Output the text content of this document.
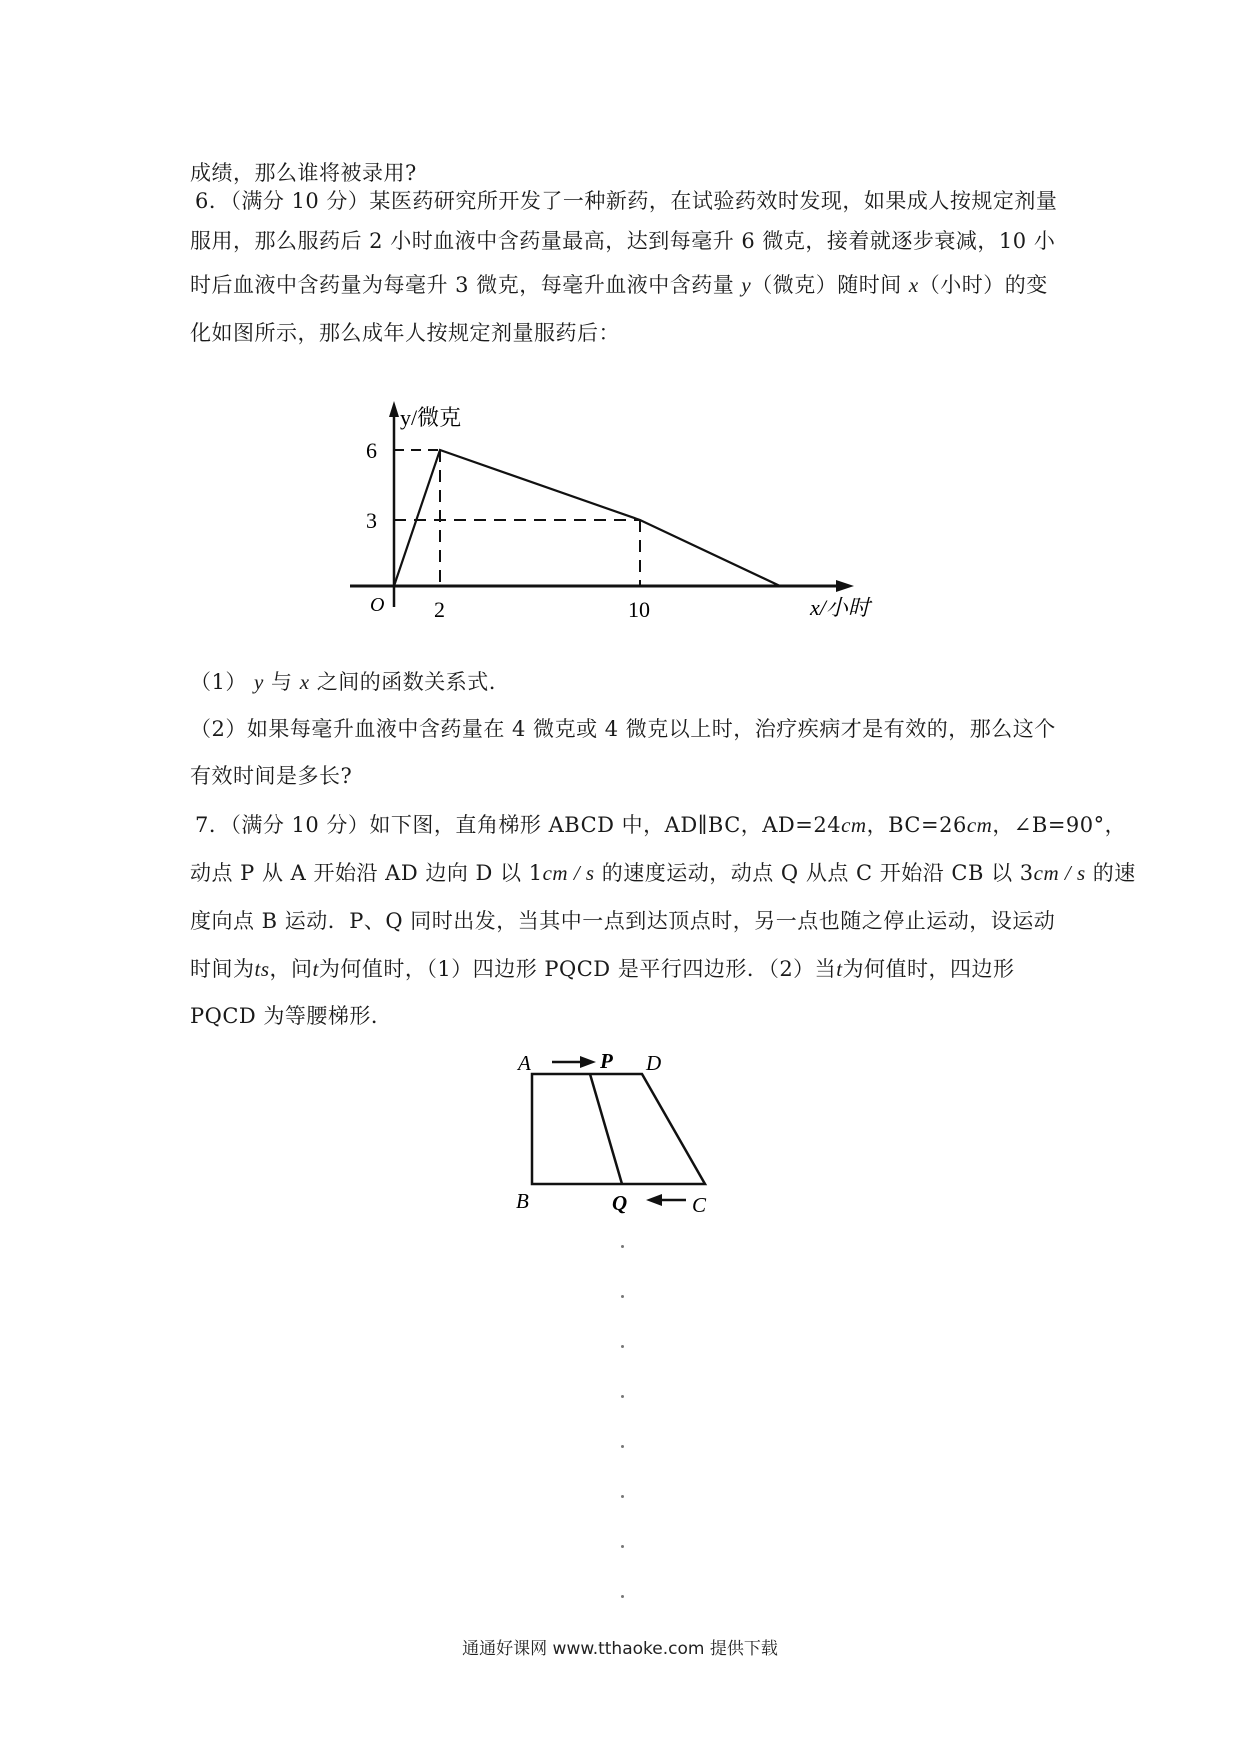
成绩，那么谁将被录用?
6．（满分 10 分）某医药研究所开发了一种新药，在试验药效时发现，如果成人按规定剂量
服用，那么服药后 2 小时血液中含药量最高，达到每毫升 6 微克，接着就逐步衰减，10 小
时后血液中含药量为每毫升 3 微克，每毫升血液中含药量 y（微克）随时间 x（小时）的变
化如图所示，那么成年人按规定剂量服药后：
y/微克
6
3
O 2	10	x/小时
（1） y 与 x 之间的函数关系式.
（2）如果每毫升血液中含药量在 4 微克或 4 微克以上时，治疗疾病才是有效的，那么这个
有效时间是多长?
7．（满分 10 分）如下图，直角梯形 ABCD 中，AD∥BC，AD=24cm，BC=26cm，∠B=90°，
动点 P 从 A 开始沿 AD 边向 D 以 1cm / s 的速度运动，动点 Q 从点 C 开始沿 CB 以 3cm / s 的速
度向点 B 运动．P、Q 同时出发，当其中一点到达顶点时，另一点也随之停止运动，设运动
时间为ts，问t为何值时，（1）四边形 PQCD 是平行四边形．（2）当t为何值时，四边形
PQCD 为等腰梯形．
A	P D
B	Q	C
通通好课网 www.tthaoke.com 提供下载
